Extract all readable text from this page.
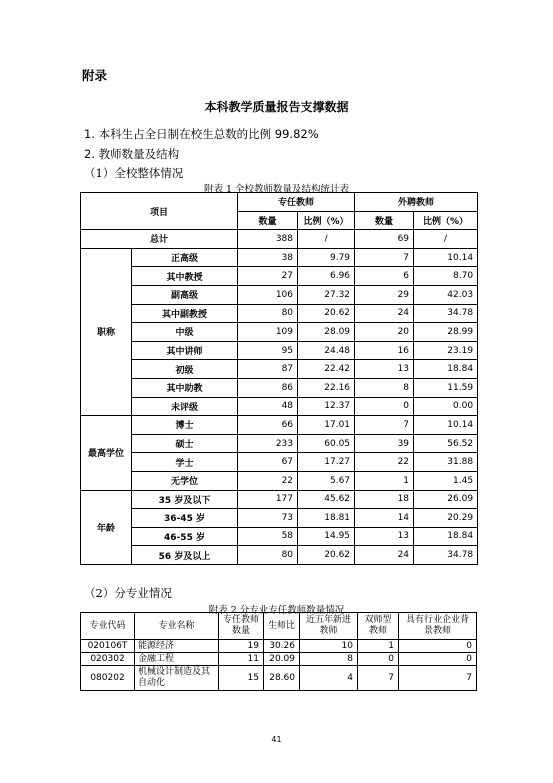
附录
本科教学质量报告支撑数据
1. 本科生占全日制在校生总数的比例 99.82%
2. 教师数量及结构
（1）全校整体情况
附表 1 全校教师数量及结构统计表
项目		专任教师		外聘教师	
		数量	比例（%）	数量	比例（%）
总计		388	/	69	/
职称	正高级	38	9.79	7	10.14
	其中教授	27	6.96	6	8.70
	副高级	106	27.32	29	42.03
	其中副教授	80	20.62	24	34.78
	中级	109	28.09	20	28.99
	其中讲师	95	24.48	16	23.19
	初级	87	22.42	13	18.84
	其中助教	86	22.16	8	11.59
	未评级	48	12.37	0	0.00
最高学位	博士	66	17.01	7	10.14
	硕士	233	60.05	39	56.52
	学士	67	17.27	22	31.88
	无学位	22	5.67	1	1.45
年龄	35 岁及以下	177	45.62	18	26.09
	36-45 岁	73	18.81	14	20.29
	46-55 岁	58	14.95	13	18.84
	56 岁及以上	80	20.62	24	34.78
（2）分专业情况
附表 2 分专业专任教师数量情况
专业代码	专业名称	专任教师数量	生师比	近五年新进教师	双师型教师	具有行业企业背景教师
020106T	能源经济	19	30.26	10	1	0
020302	金融工程	11	20.09	8	0	0
080202	机械设计制造及其自动化	15	28.60	4	7	7
41
